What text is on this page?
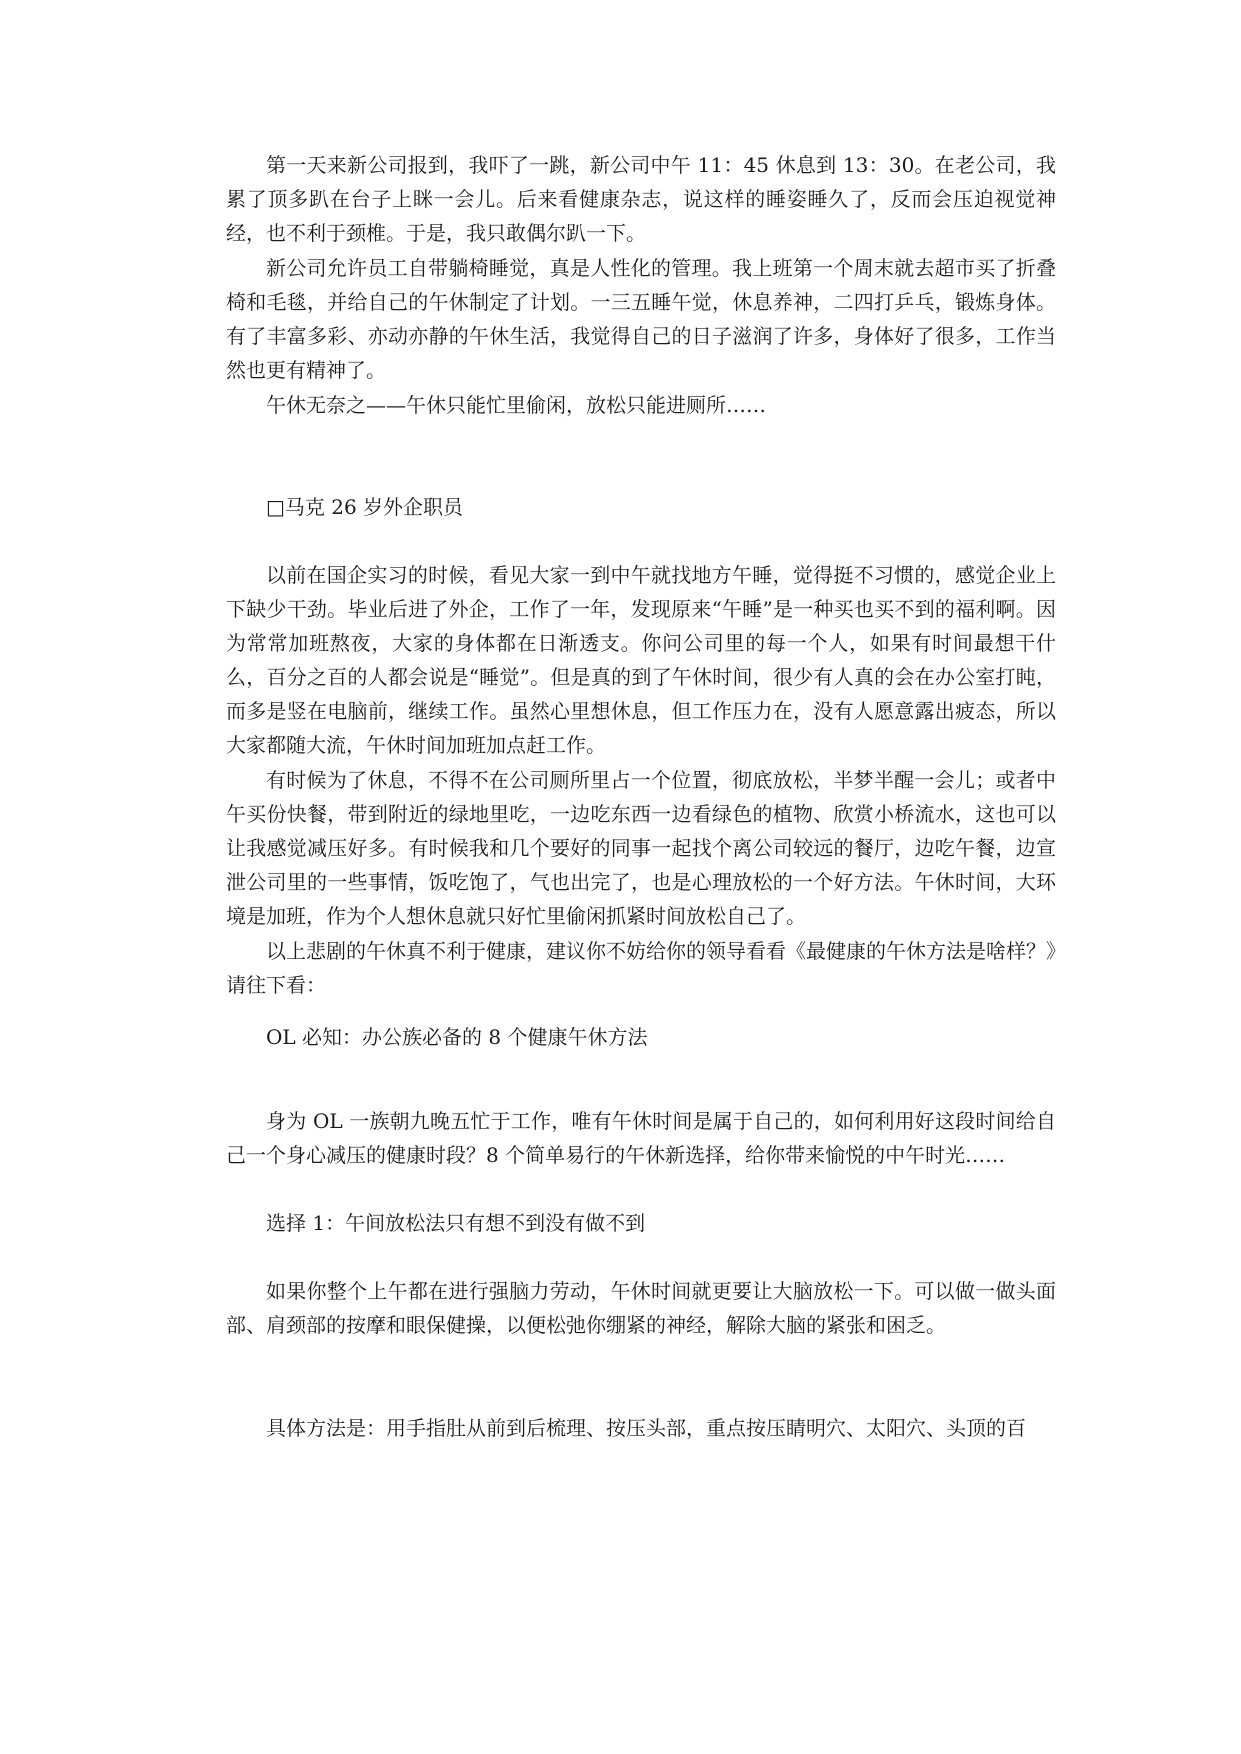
第一天来新公司报到，我吓了一跳，新公司中午 11：45 休息到 13：30。在老公司，我累了顶多趴在台子上眯一会儿。后来看健康杂志，说这样的睡姿睡久了，反而会压迫视觉神经，也不利于颈椎。于是，我只敢偶尔趴一下。

新公司允许员工自带躺椅睡觉，真是人性化的管理。我上班第一个周末就去超市买了折叠椅和毛毯，并给自己的午休制定了计划。一三五睡午觉，休息养神，二四打乒乓，锻炼身体。有了丰富多彩、亦动亦静的午休生活，我觉得自己的日子滋润了许多，身体好了很多，工作当然也更有精神了。

午休无奈之——午休只能忙里偷闲，放松只能进厕所……

□马克 26 岁外企职员

以前在国企实习的时候，看见大家一到中午就找地方午睡，觉得挺不习惯的，感觉企业上下缺少干劲。毕业后进了外企，工作了一年，发现原来“午睡”是一种买也买不到的福利啊。因为常常加班熬夜，大家的身体都在日渐透支。你问公司里的每一个人，如果有时间最想干什么，百分之百的人都会说是“睡觉”。但是真的到了午休时间，很少有人真的会在办公室打盹，而多是竖在电脑前，继续工作。虽然心里想休息，但工作压力在，没有人愿意露出疲态，所以大家都随大流，午休时间加班加点赶工作。

有时候为了休息，不得不在公司厕所里占一个位置，彻底放松，半梦半醒一会儿；或者中午买份快餐，带到附近的绿地里吃，一边吃东西一边看绿色的植物、欣赏小桥流水，这也可以让我感觉减压好多。有时候我和几个要好的同事一起找个离公司较远的餐厅，边吃午餐，边宣泄公司里的一些事情，饭吃饱了，气也出完了，也是心理放松的一个好方法。午休时间，大环境是加班，作为个人想休息就只好忙里偷闲抓紧时间放松自己了。

以上悲剧的午休真不利于健康，建议你不妨给你的领导看看《最健康的午休方法是啥样？》请往下看：

OL 必知：办公族必备的 8 个健康午休方法

身为 OL 一族朝九晚五忙于工作，唯有午休时间是属于自己的，如何利用好这段时间给自己一个身心减压的健康时段？8 个简单易行的午休新选择，给你带来愉悦的中午时光……

选择 1：午间放松法只有想不到没有做不到

如果你整个上午都在进行强脑力劳动，午休时间就更要让大脑放松一下。可以做一做头面部、肩颈部的按摩和眼保健操，以便松弛你绷紧的神经，解除大脑的紧张和困乏。

具体方法是：用手指肚从前到后梳理、按压头部，重点按压睛明穴、太阳穴、头顶的百
